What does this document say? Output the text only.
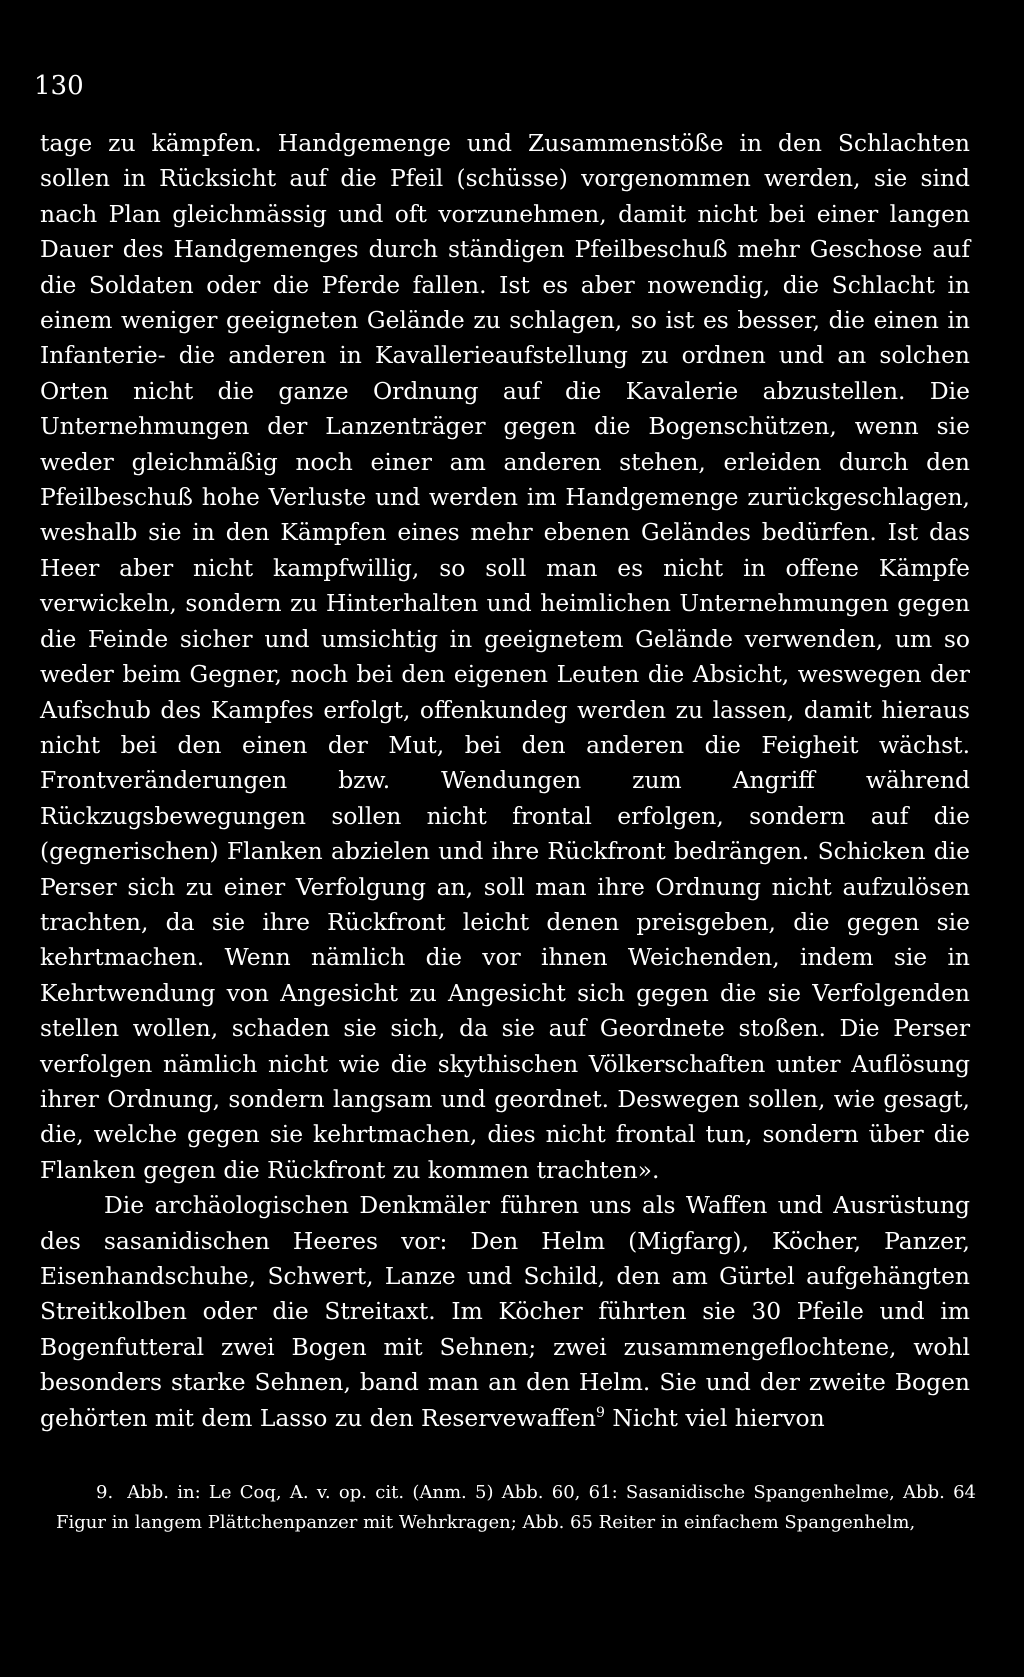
130

tage zu kämpfen. Handgemenge und Zusammenstöße in den Schlachten sollen in Rücksicht auf die Pfeil (schüsse) vorgenommen werden, sie sind nach Plan gleichmässig und oft vorzunehmen, damit nicht bei einer langen Dauer des Handgemenges durch ständigen Pfeilbeschuß mehr Geschose auf die Soldaten oder die Pferde fallen. Ist es aber nowendig, die Schlacht in einem weniger geeigneten Gelände zu schlagen, so ist es besser, die einen in Infanterie- die anderen in Kavallerieaufstellung zu ordnen und an solchen Orten nicht die ganze Ordnung auf die Kavalerie abzustellen. Die Unternehmungen der Lanzenträger gegen die Bogenschützen, wenn sie weder gleichmäßig noch einer am anderen stehen, erleiden durch den Pfeilbeschuß hohe Verluste und werden im Handgemenge zurückgeschlagen, weshalb sie in den Kämpfen eines mehr ebenen Geländes bedürfen. Ist das Heer aber nicht kampfwillig, so soll man es nicht in offene Kämpfe verwickeln, sondern zu Hinterhalten und heimlichen Unternehmungen gegen die Feinde sicher und umsichtig in geeignetem Gelände verwenden, um so weder beim Gegner, noch bei den eigenen Leuten die Absicht, weswegen der Aufschub des Kampfes erfolgt, offenkundeg werden zu lassen, damit hieraus nicht bei den einen der Mut, bei den anderen die Feigheit wächst. Frontveränderungen bzw. Wendungen zum Angriff während Rückzugsbewegungen sollen nicht frontal erfolgen, sondern auf die (gegnerischen) Flanken abzielen und ihre Rückfront bedrängen. Schicken die Perser sich zu einer Verfolgung an, soll man ihre Ordnung nicht aufzulösen trachten, da sie ihre Rückfront leicht denen preisgeben, die gegen sie kehrtmachen. Wenn nämlich die vor ihnen Weichenden, indem sie in Kehrtwendung von Angesicht zu Angesicht sich gegen die sie Verfolgenden stellen wollen, schaden sie sich, da sie auf Geordnete stoßen. Die Perser verfolgen nämlich nicht wie die skythischen Völkerschaften unter Auflösung ihrer Ordnung, sondern langsam und geordnet. Deswegen sollen, wie gesagt, die, welche gegen sie kehrtmachen, dies nicht frontal tun, sondern über die Flanken gegen die Rückfront zu kommen trachten».

Die archäologischen Denkmäler führen uns als Waffen und Ausrüstung des sasanidischen Heeres vor: Den Helm (Migfarg), Köcher, Panzer, Eisenhandschuhe, Schwert, Lanze und Schild, den am Gürtel aufgehängten Streitkolben oder die Streitaxt. Im Köcher führten sie 30 Pfeile und im Bogenfutteral zwei Bogen mit Sehnen; zwei zusammengeflochtene, wohl besonders starke Sehnen, band man an den Helm. Sie und der zweite Bogen gehörten mit dem Lasso zu den Reservewaffen$^9$ Nicht viel hiervon

9. Abb. in: Le Coq, A. v. op. cit. (Anm. 5) Abb. 60, 61: Sasanidische Spangenhelme, Abb. 64 Figur in langem Plättchenpanzer mit Wehrkragen; Abb. 65 Reiter in einfachem Spangenhelm,
